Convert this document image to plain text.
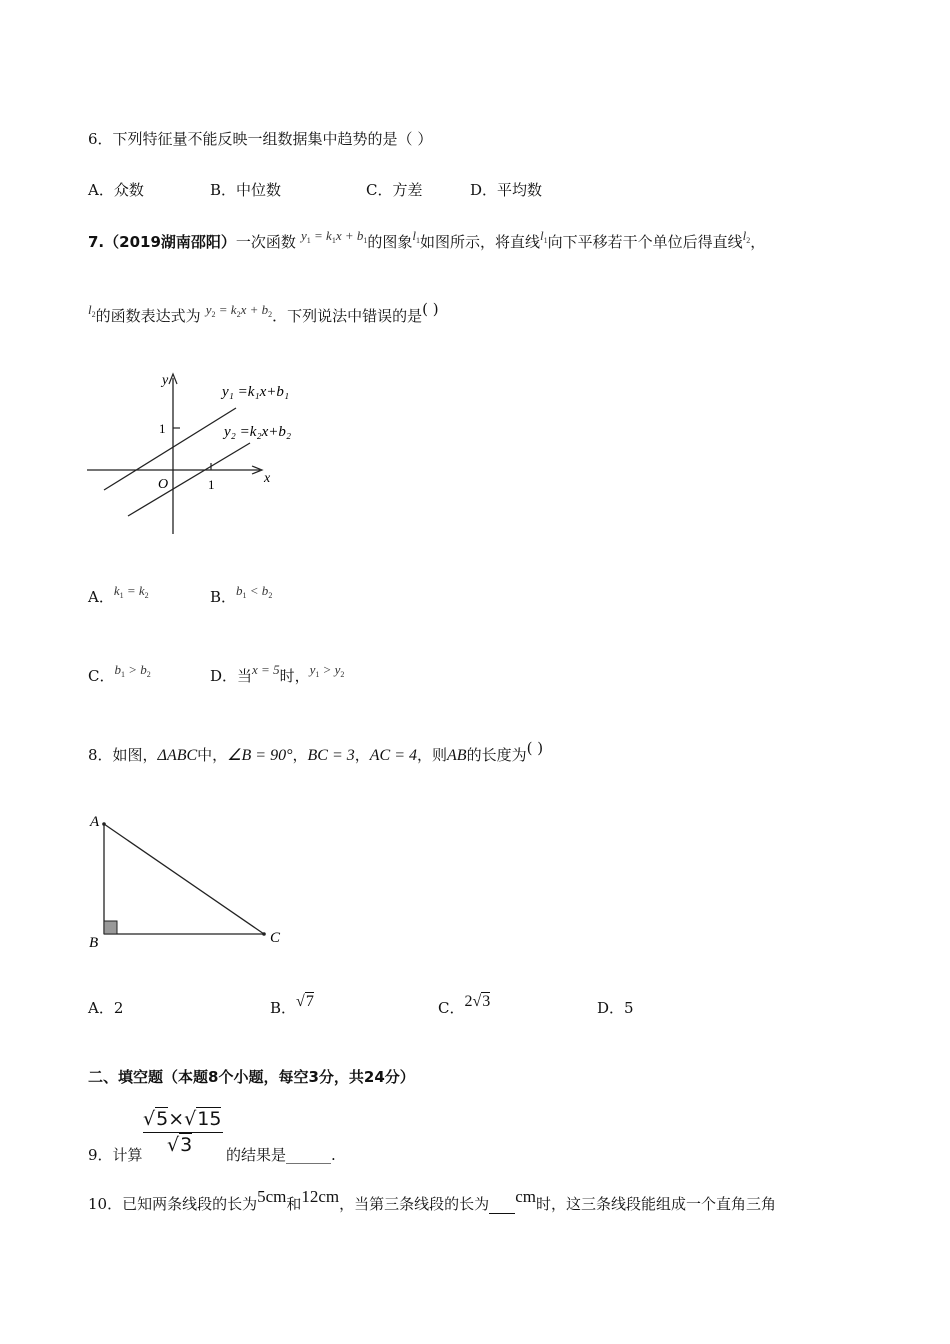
6．下列特征量不能反映一组数据集中趋势的是（ ）
A．众数	B．中位数	C．方差	D．平均数
7.（2019湖南邵阳）一次函数 $^{y_1 = k_1x + b_1}$的图象$^{l_1}$如图所示，将直线$^{l_1}$向下平移若干个单位后得直线$^{l_2}$，
$^{l_2}$的函数表达式为 $^{y_2 = k_2x + b_2}$．下列说法中错误的是( )
y
x
O
1
1
y₁ =k₁x+b₁
y₂ =k₂x+b₂
A．$^{k_1 = k_2}$	B．$^{b_1 < b_2}$
C．$^{b_1 > b_2}$	D．当$^{x = 5}$时，$^{y_1 > y_2}$
8．如图，ΔABC中，∠B = 90°，BC = 3，AC = 4，则AB的长度为( )
A
B	C
A．2	B．√7	C．2√3	D．5
二、填空题（本题8个小题，每空3分，共24分）
9．计算
√5×√15
√3 的结果是______.
10．已知两条线段的长为5cm和12cm，当第三条线段的长为 cm时，这三条线段能组成一个直角三角
